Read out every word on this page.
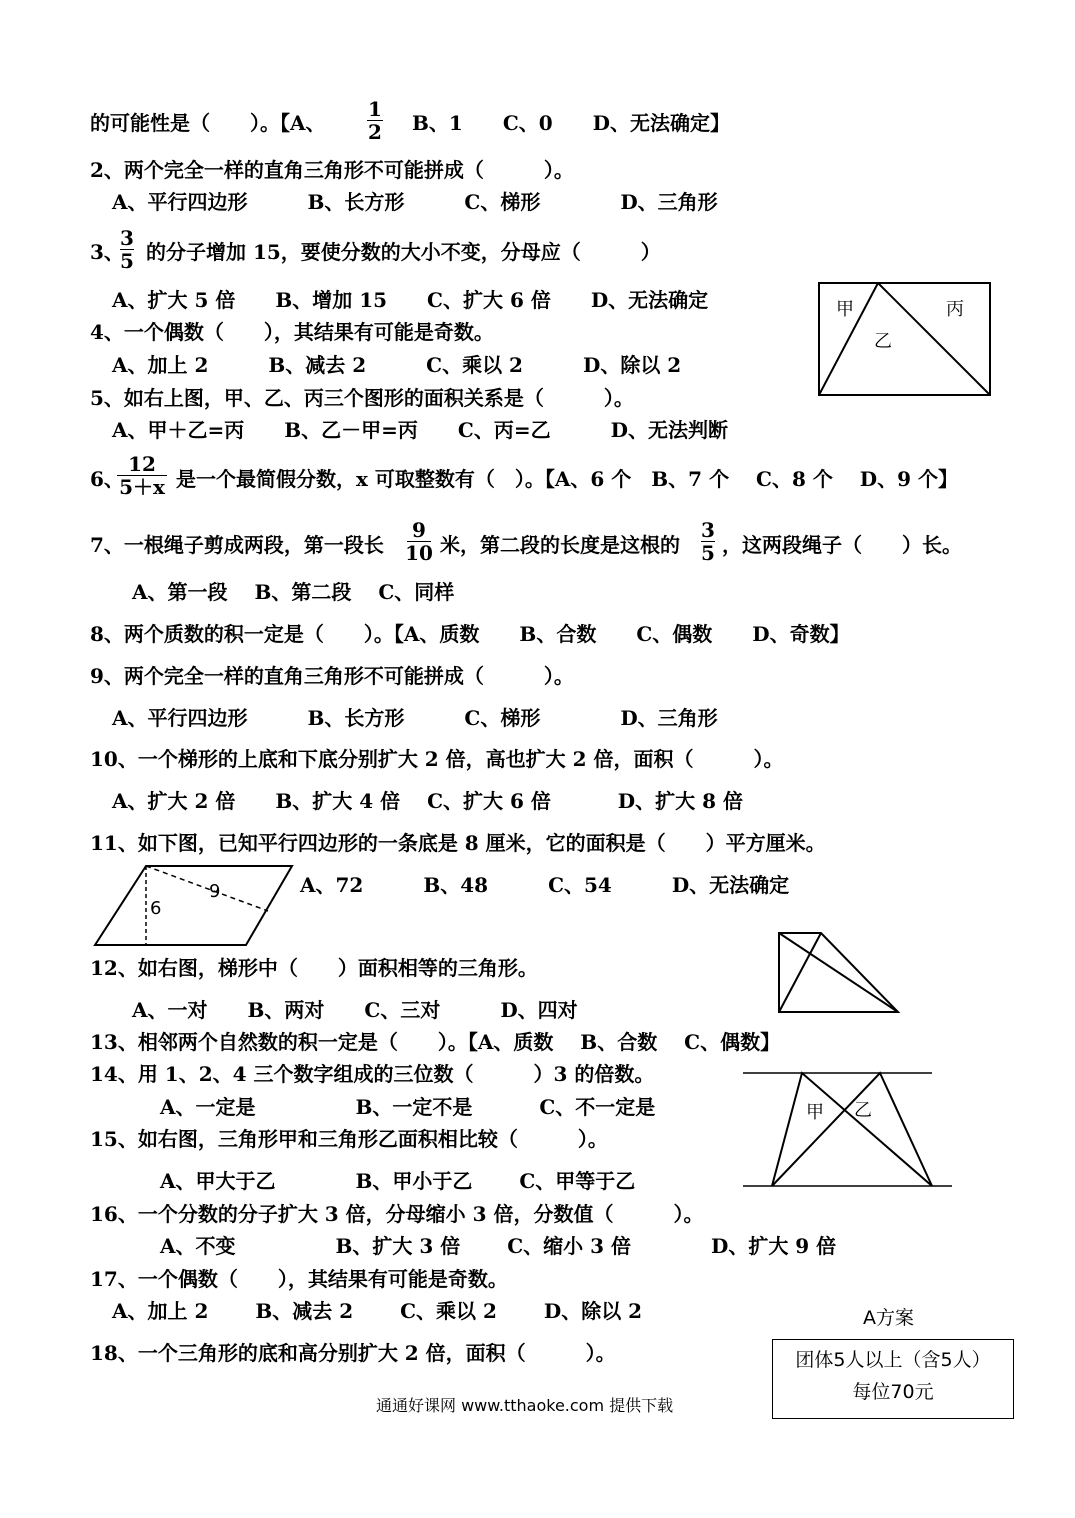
的可能性是（　　）。【A、
1
2 　B、1　　C、0　　D、无法确定】
2、两个完全一样的直角三角形不可能拼成（　　　）。
A、平行四边形　　　B、长方形　　　C、梯形　　　　D、三角形
3、
3
5 的分子增加 15，要使分数的大小不变，分母应（　　　）
A、扩大 5 倍　　B、增加 15　　C、扩大 6 倍　　D、无法确定	甲	丙
乙
4、一个偶数（　　），其结果有可能是奇数。
A、加上 2　　　B、减去 2　　　C、乘以 2　　　D、除以 2
5、如右上图，甲、乙、丙三个图形的面积关系是（　　　）。
A、甲＋乙=丙　　B、乙－甲=丙　　C、丙=乙　　　D、无法判断
6、
12
5＋x 是一个最简假分数，x 可取整数有（　）。【A、6 个　B、7 个　 C、8 个　 D、9 个】
7、一根绳子剪成两段，第一段长
9
10 米，第二段的长度是这根的
3
5 ，这两段绳子（　　）长。
A、第一段　 B、第二段　 C、同样
8、两个质数的积一定是（　　）。【A、质数　　B、合数　　C、偶数　　D、奇数】
9、两个完全一样的直角三角形不可能拼成（　　　）。
A、平行四边形　　　B、长方形　　　C、梯形　　　　D、三角形
10、一个梯形的上底和下底分别扩大 2 倍，高也扩大 2 倍，面积（　　　）。
A、扩大 2 倍　　B、扩大 4 倍　 C、扩大 6 倍　　　 D、扩大 8 倍
11、如下图，已知平行四边形的一条底是 8 厘米，它的面积是（　　）平方厘米。
9
6
A、72　　　B、48　　　C、54　　　D、无法确定
12、如右图，梯形中（　　）面积相等的三角形。
A、一对　　B、两对　　C、三对　　　D、四对
13、相邻两个自然数的积一定是（　　）。【A、质数　 B、合数　 C、偶数】
甲 乙
14、用 1、2、4 三个数字组成的三位数（　　　）3 的倍数。
A、一定是　　　　　B、一定不是　　　 C、不一定是
15、如右图，三角形甲和三角形乙面积相比较（　　　）。
A、甲大于乙　　　　B、甲小于乙　　 C、甲等于乙
16、一个分数的分子扩大 3 倍，分母缩小 3 倍，分数值（　　　）。
A、不变　　　　　B、扩大 3 倍　　 C、缩小 3 倍　　　　D、扩大 9 倍
17、一个偶数（　　），其结果有可能是奇数。
A、加上 2　　 B、减去 2　　 C、乘以 2　　 D、除以 2	A方案
团体5人以上（含5人）
每位70元
18、一个三角形的底和高分别扩大 2 倍，面积（　　　）。
通通好课网 www.tthaoke.com 提供下载
